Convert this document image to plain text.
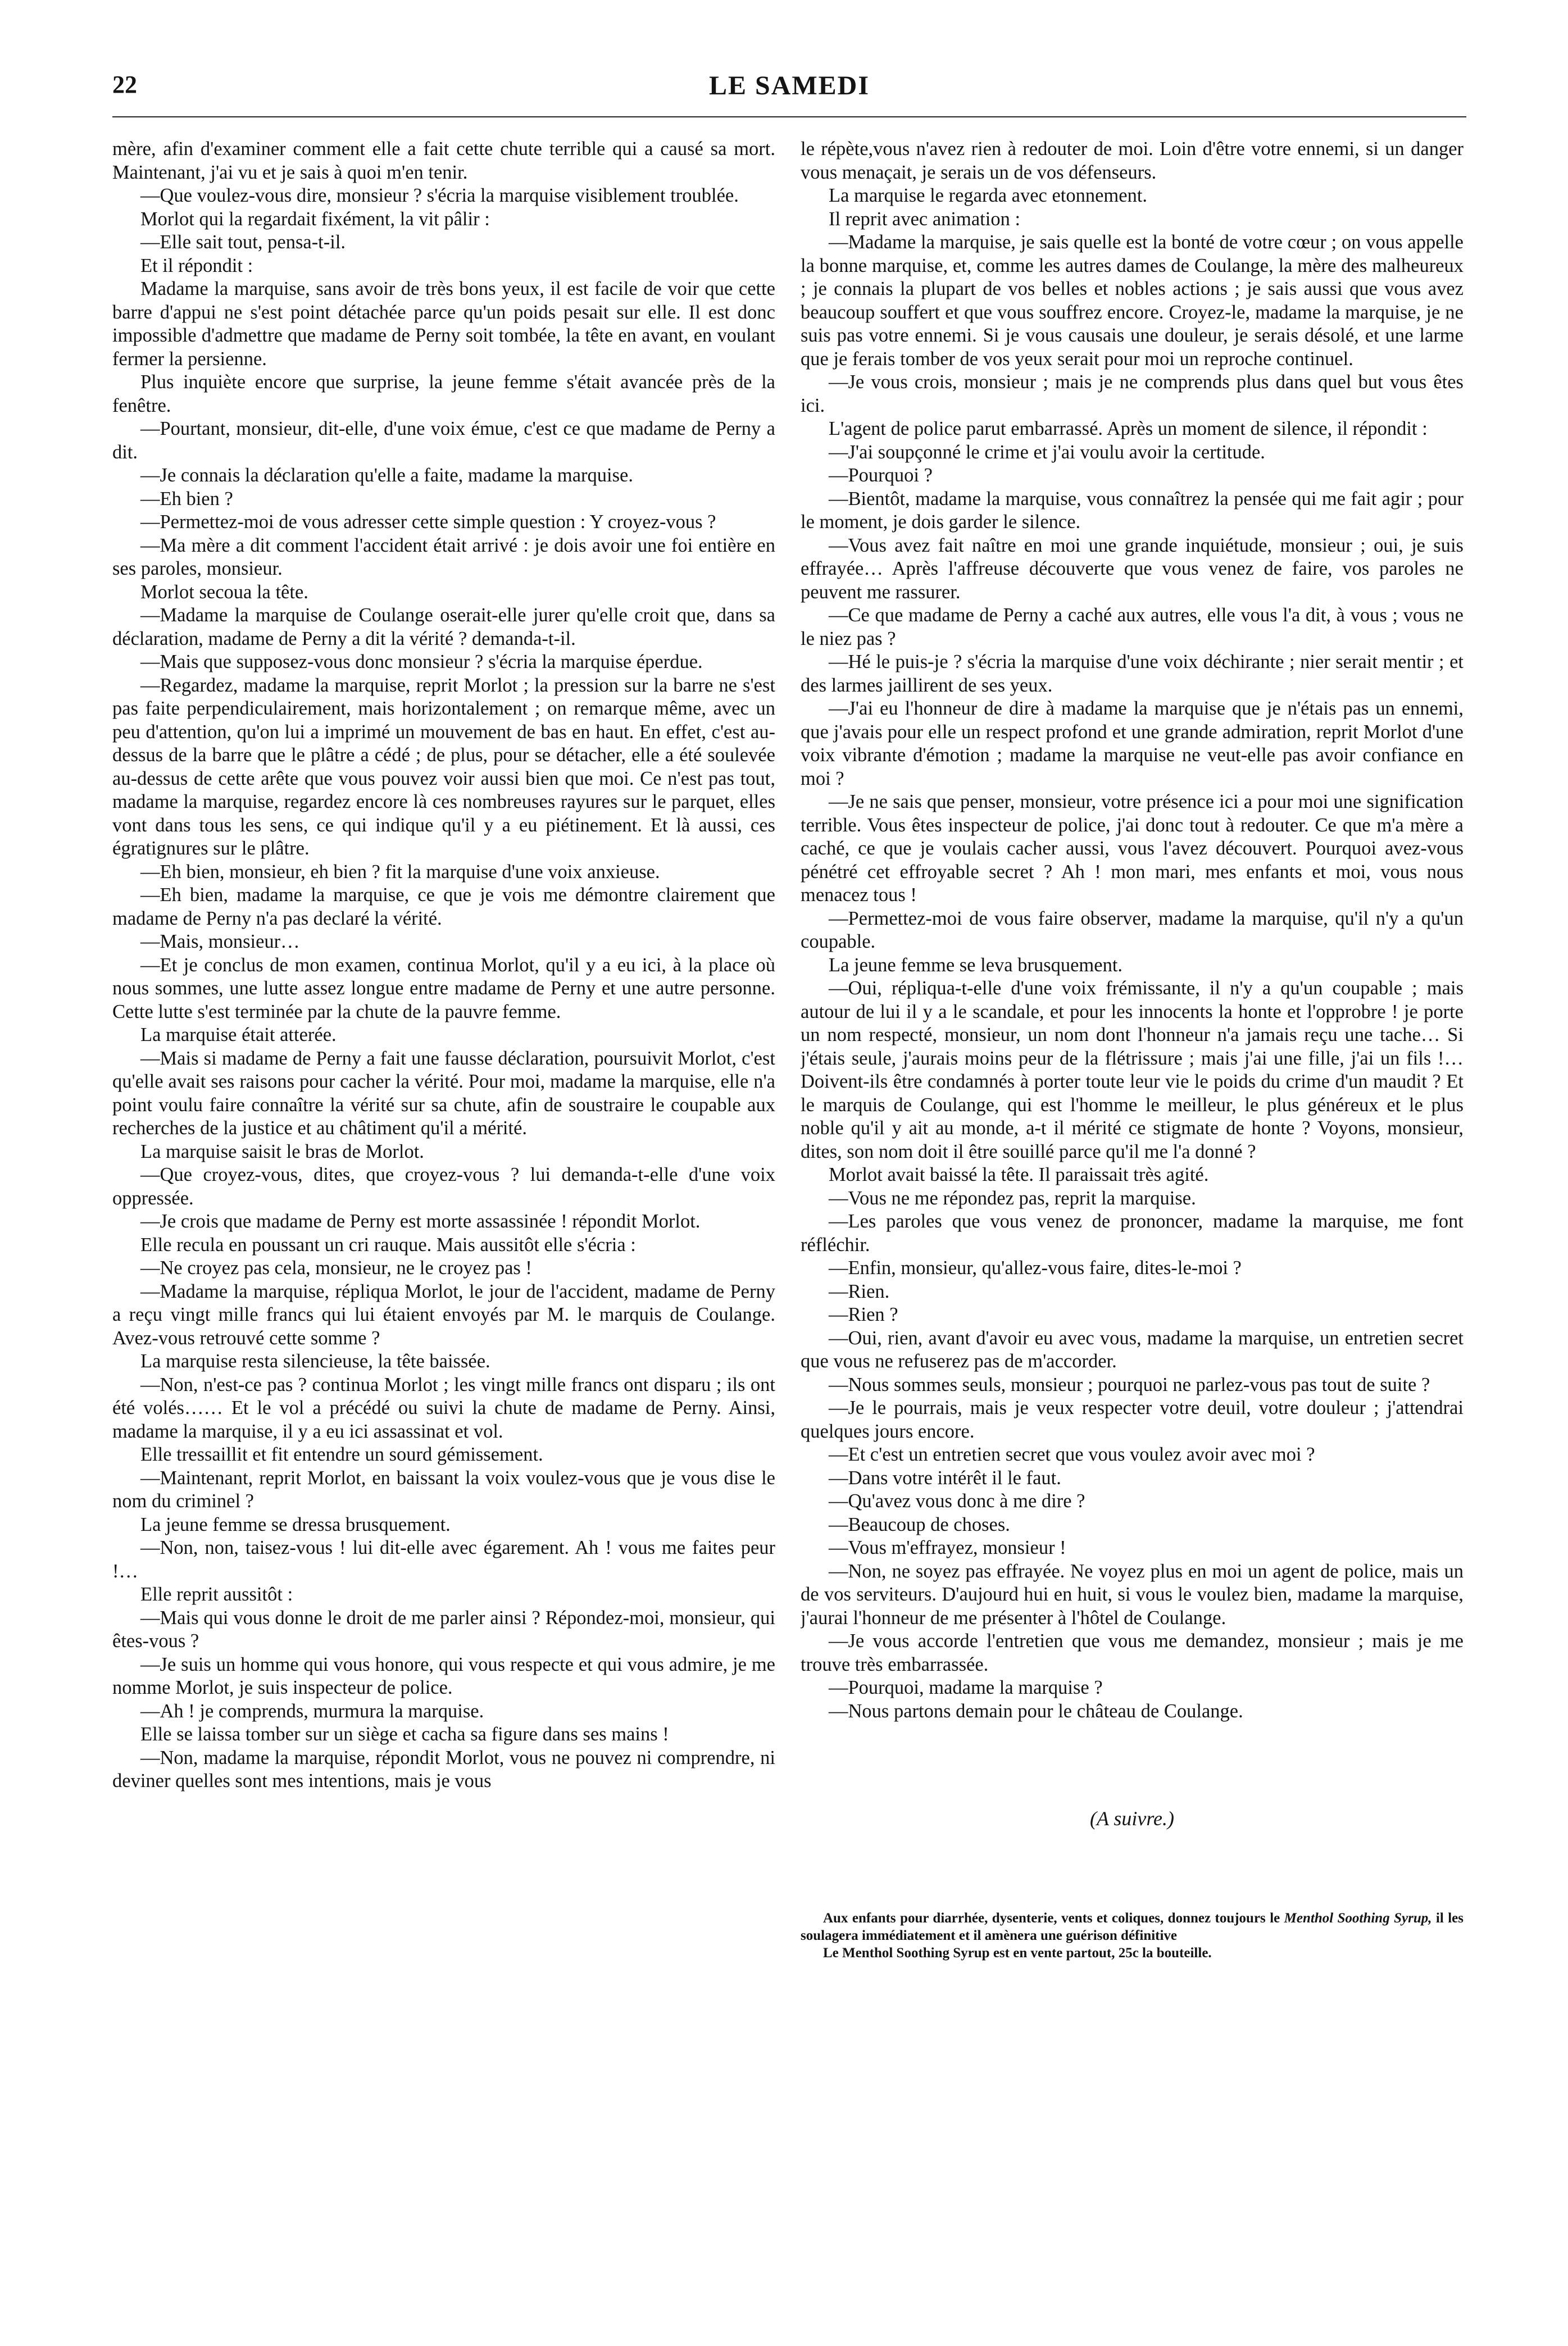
22	LE SAMEDI

mère, afin d'examiner comment elle a fait cette chute terrible qui a causé sa mort. Maintenant, j'ai vu et je sais à quoi m'en tenir.

—Que voulez-vous dire, monsieur ? s'écria la marquise visiblement troublée.

Morlot qui la regardait fixément, la vit pâlir :

—Elle sait tout, pensa-t-il.

Et il répondit :

Madame la marquise, sans avoir de très bons yeux, il est facile de voir que cette barre d'appui ne s'est point détachée parce qu'un poids pesait sur elle. Il est donc impossible d'admettre que madame de Perny soit tombée, la tête en avant, en voulant fermer la persienne.

Plus inquiète encore que surprise, la jeune femme s'était avancée près de la fenêtre.

—Pourtant, monsieur, dit-elle, d'une voix émue, c'est ce que madame de Perny a dit.

—Je connais la déclaration qu'elle a faite, madame la marquise.

—Eh bien ?

—Permettez-moi de vous adresser cette simple question : Y croyez-vous ?

—Ma mère a dit comment l'accident était arrivé : je dois avoir une foi entière en ses paroles, monsieur.

Morlot secoua la tête.

—Madame la marquise de Coulange oserait-elle jurer qu'elle croit que, dans sa déclaration, madame de Perny a dit la vérité ? demanda-t-il.

—Mais que supposez-vous donc monsieur ? s'écria la marquise éperdue.

—Regardez, madame la marquise, reprit Morlot ; la pression sur la barre ne s'est pas faite perpendiculairement, mais horizontalement ; on remarque même, avec un peu d'attention, qu'on lui a imprimé un mouvement de bas en haut. En effet, c'est au-dessus de la barre que le plâtre a cédé ; de plus, pour se détacher, elle a été soulevée au-dessus de cette arête que vous pouvez voir aussi bien que moi. Ce n'est pas tout, madame la marquise, regardez encore là ces nombreuses rayures sur le parquet, elles vont dans tous les sens, ce qui indique qu'il y a eu piétinement. Et là aussi, ces égratignures sur le plâtre.

—Eh bien, monsieur, eh bien ? fit la marquise d'une voix anxieuse.

—Eh bien, madame la marquise, ce que je vois me démontre clairement que madame de Perny n'a pas declaré la vérité.

—Mais, monsieur…

—Et je conclus de mon examen, continua Morlot, qu'il y a eu ici, à la place où nous sommes, une lutte assez longue entre madame de Perny et une autre personne. Cette lutte s'est terminée par la chute de la pauvre femme.

La marquise était atterée.

—Mais si madame de Perny a fait une fausse déclaration, poursuivit Morlot, c'est qu'elle avait ses raisons pour cacher la vérité. Pour moi, madame la marquise, elle n'a point voulu faire connaître la vérité sur sa chute, afin de soustraire le coupable aux recherches de la justice et au châtiment qu'il a mérité.

La marquise saisit le bras de Morlot.

—Que croyez-vous, dites, que croyez-vous ? lui demanda-t-elle d'une voix oppressée.

—Je crois que madame de Perny est morte assassinée ! répondit Morlot.

Elle recula en poussant un cri rauque. Mais aussitôt elle s'écria :

—Ne croyez pas cela, monsieur, ne le croyez pas !

—Madame la marquise, répliqua Morlot, le jour de l'accident, madame de Perny a reçu vingt mille francs qui lui étaient envoyés par M. le marquis de Coulange. Avez-vous retrouvé cette somme ?

La marquise resta silencieuse, la tête baissée.

—Non, n'est-ce pas ? continua Morlot ; les vingt mille francs ont disparu ; ils ont été volés…… Et le vol a précédé ou suivi la chute de madame de Perny. Ainsi, madame la marquise, il y a eu ici assassinat et vol.

Elle tressaillit et fit entendre un sourd gémissement.

—Maintenant, reprit Morlot, en baissant la voix voulez-vous que je vous dise le nom du criminel ?

La jeune femme se dressa brusquement.

—Non, non, taisez-vous ! lui dit-elle avec égarement. Ah ! vous me faites peur !…

Elle reprit aussitôt :

—Mais qui vous donne le droit de me parler ainsi ? Répondez-moi, monsieur, qui êtes-vous ?

—Je suis un homme qui vous honore, qui vous respecte et qui vous admire, je me nomme Morlot, je suis inspecteur de police.

—Ah ! je comprends, murmura la marquise.

Elle se laissa tomber sur un siège et cacha sa figure dans ses mains !

—Non, madame la marquise, répondit Morlot, vous ne pouvez ni comprendre, ni deviner quelles sont mes intentions, mais je vous

le répète,vous n'avez rien à redouter de moi. Loin d'être votre ennemi, si un danger vous menaçait, je serais un de vos défenseurs.

La marquise le regarda avec etonnement.

Il reprit avec animation :

—Madame la marquise, je sais quelle est la bonté de votre cœur ; on vous appelle la bonne marquise, et, comme les autres dames de Coulange, la mère des malheureux ; je connais la plupart de vos belles et nobles actions ; je sais aussi que vous avez beaucoup souffert et que vous souffrez encore. Croyez-le, madame la marquise, je ne suis pas votre ennemi. Si je vous causais une douleur, je serais désolé, et une larme que je ferais tomber de vos yeux serait pour moi un reproche continuel.

—Je vous crois, monsieur ; mais je ne comprends plus dans quel but vous êtes ici.

L'agent de police parut embarrassé. Après un moment de silence, il répondit :

—J'ai soupçonné le crime et j'ai voulu avoir la certitude.

—Pourquoi ?

—Bientôt, madame la marquise, vous connaîtrez la pensée qui me fait agir ; pour le moment, je dois garder le silence.

—Vous avez fait naître en moi une grande inquiétude, monsieur ; oui, je suis effrayée… Après l'affreuse découverte que vous venez de faire, vos paroles ne peuvent me rassurer.

—Ce que madame de Perny a caché aux autres, elle vous l'a dit, à vous ; vous ne le niez pas ?

—Hé le puis-je ? s'écria la marquise d'une voix déchirante ; nier serait mentir ; et des larmes jaillirent de ses yeux.

—J'ai eu l'honneur de dire à madame la marquise que je n'étais pas un ennemi, que j'avais pour elle un respect profond et une grande admiration, reprit Morlot d'une voix vibrante d'émotion ; madame la marquise ne veut-elle pas avoir confiance en moi ?

—Je ne sais que penser, monsieur, votre présence ici a pour moi une signification terrible. Vous êtes inspecteur de police, j'ai donc tout à redouter. Ce que m'a mère a caché, ce que je voulais cacher aussi, vous l'avez découvert. Pourquoi avez-vous pénétré cet effroyable secret ? Ah ! mon mari, mes enfants et moi, vous nous menacez tous !

—Permettez-moi de vous faire observer, madame la marquise, qu'il n'y a qu'un coupable.

La jeune femme se leva brusquement.

—Oui, répliqua-t-elle d'une voix frémissante, il n'y a qu'un coupable ; mais autour de lui il y a le scandale, et pour les innocents la honte et l'opprobre ! je porte un nom respecté, monsieur, un nom dont l'honneur n'a jamais reçu une tache… Si j'étais seule, j'aurais moins peur de la flétrissure ; mais j'ai une fille, j'ai un fils !… Doivent-ils être condamnés à porter toute leur vie le poids du crime d'un maudit ? Et le marquis de Coulange, qui est l'homme le meilleur, le plus généreux et le plus noble qu'il y ait au monde, a-t il mérité ce stigmate de honte ? Voyons, monsieur, dites, son nom doit il être souillé parce qu'il me l'a donné ?

Morlot avait baissé la tête. Il paraissait très agité.

—Vous ne me répondez pas, reprit la marquise.

—Les paroles que vous venez de prononcer, madame la marquise, me font réfléchir.

—Enfin, monsieur, qu'allez-vous faire, dites-le-moi ?

—Rien.

—Rien ?

—Oui, rien, avant d'avoir eu avec vous, madame la marquise, un entretien secret que vous ne refuserez pas de m'accorder.

—Nous sommes seuls, monsieur ; pourquoi ne parlez-vous pas tout de suite ?

—Je le pourrais, mais je veux respecter votre deuil, votre douleur ; j'attendrai quelques jours encore.

—Et c'est un entretien secret que vous voulez avoir avec moi ?

—Dans votre intérêt il le faut.

—Qu'avez vous donc à me dire ?

—Beaucoup de choses.

—Vous m'effrayez, monsieur !

—Non, ne soyez pas effrayée. Ne voyez plus en moi un agent de police, mais un de vos serviteurs. D'aujourd hui en huit, si vous le voulez bien, madame la marquise, j'aurai l'honneur de me présenter à l'hôtel de Coulange.

—Je vous accorde l'entretien que vous me demandez, monsieur ; mais je me trouve très embarrassée.

—Pourquoi, madame la marquise ?

—Nous partons demain pour le château de Coulange.

(A suivre.)

Aux enfants pour diarrhée, dysenterie, vents et coliques, donnez toujours le Menthol Soothing Syrup, il les soulagera immédiatement et il amènera une guérison définitive

Le Menthol Soothing Syrup est en vente partout, 25c la bouteille.
